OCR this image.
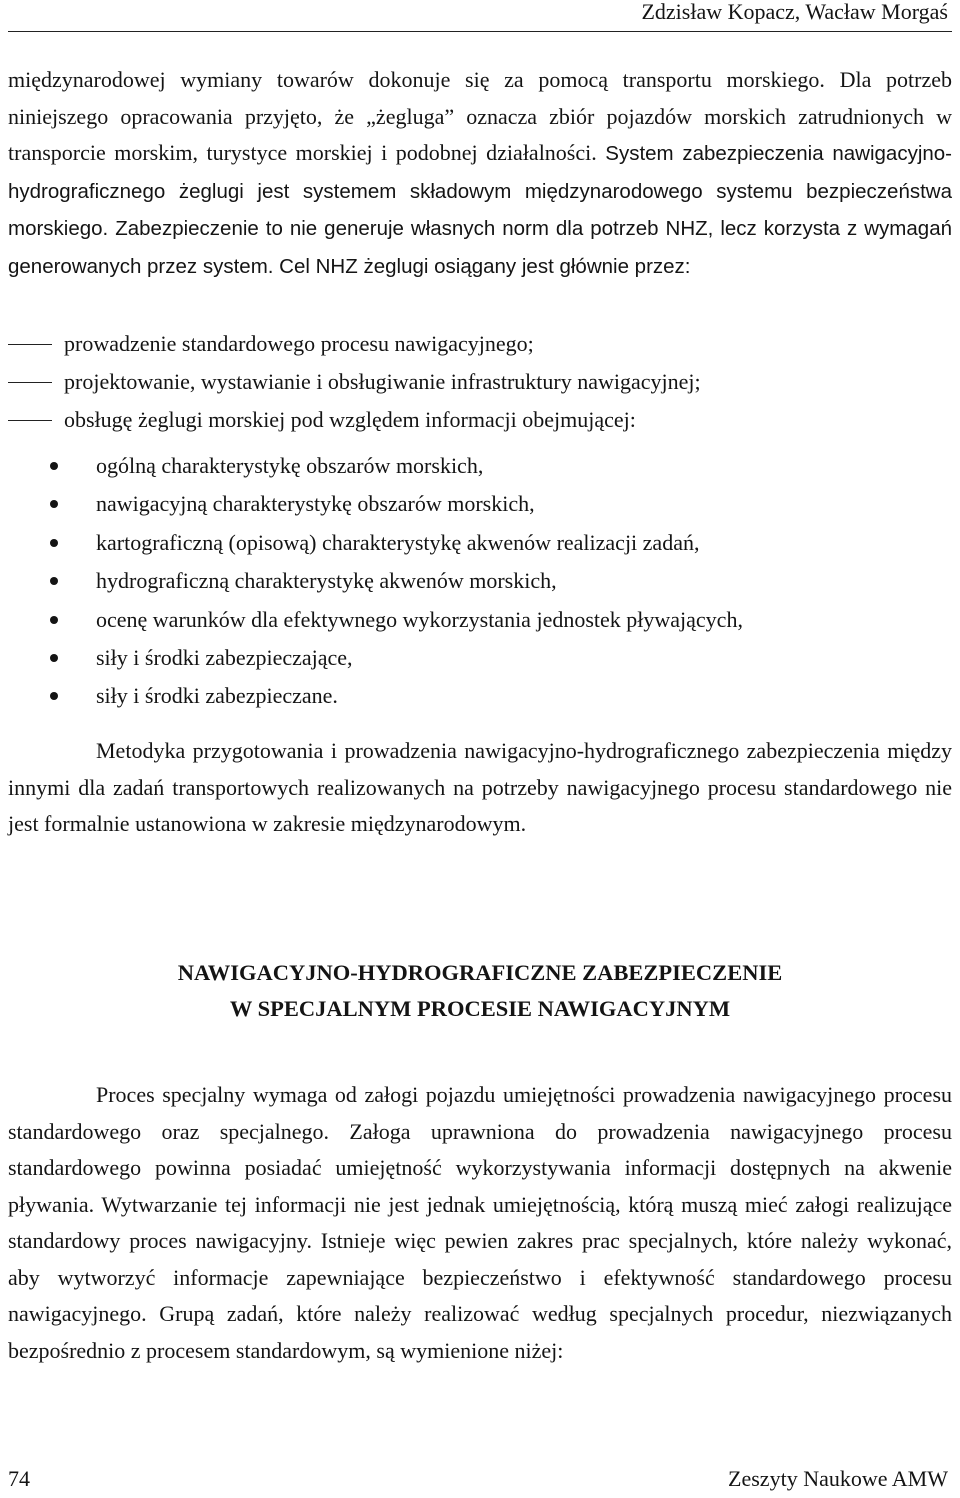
Zdzisław Kopacz, Wacław Morgaś
międzynarodowej wymiany towarów dokonuje się za pomocą transportu morskiego. Dla potrzeb niniejszego opracowania przyjęto, że „żegluga” oznacza zbiór pojazdów morskich zatrudnionych w transporcie morskim, turystyce morskiej i podobnej działalności. System zabezpieczenia nawigacyjno-hydrograficznego żeglugi jest systemem składowym międzynarodowego systemu bezpieczeństwa morskiego. Zabezpieczenie to nie generuje własnych norm dla potrzeb NHZ, lecz korzysta z wymagań generowanych przez system. Cel NHZ żeglugi osiągany jest głównie przez:
prowadzenie standardowego procesu nawigacyjnego;
projektowanie, wystawianie i obsługiwanie infrastruktury nawigacyjnej;
obsługę żeglugi morskiej pod względem informacji obejmującej:
ogólną charakterystykę obszarów morskich,
nawigacyjną charakterystykę obszarów morskich,
kartograficzną (opisową) charakterystykę akwenów realizacji zadań,
hydrograficzną charakterystykę akwenów morskich,
ocenę warunków dla efektywnego wykorzystania jednostek pływających,
siły i środki zabezpieczające,
siły i środki zabezpieczane.
Metodyka przygotowania i prowadzenia nawigacyjno-hydrograficznego zabezpieczenia między innymi dla zadań transportowych realizowanych na potrzeby nawigacyjnego procesu standardowego nie jest formalnie ustanowiona w zakresie międzynarodowym.
NAWIGACYJNO-HYDROGRAFICZNE ZABEZPIECZENIE
W SPECJALNYM PROCESIE NAWIGACYJNYM
Proces specjalny wymaga od załogi pojazdu umiejętności prowadzenia nawigacyjnego procesu standardowego oraz specjalnego. Załoga uprawniona do prowadzenia nawigacyjnego procesu standardowego powinna posiadać umiejętność wykorzystywania informacji dostępnych na akwenie pływania. Wytwarzanie tej informacji nie jest jednak umiejętnością, którą muszą mieć załogi realizujące standardowy proces nawigacyjny. Istnieje więc pewien zakres prac specjalnych, które należy wykonać, aby wytworzyć informacje zapewniające bezpieczeństwo i efektywność standardowego procesu nawigacyjnego. Grupą zadań, które należy realizować według specjalnych procedur, niezwiązanych bezpośrednio z procesem standardowym, są wymienione niżej:
74	Zeszyty Naukowe AMW
